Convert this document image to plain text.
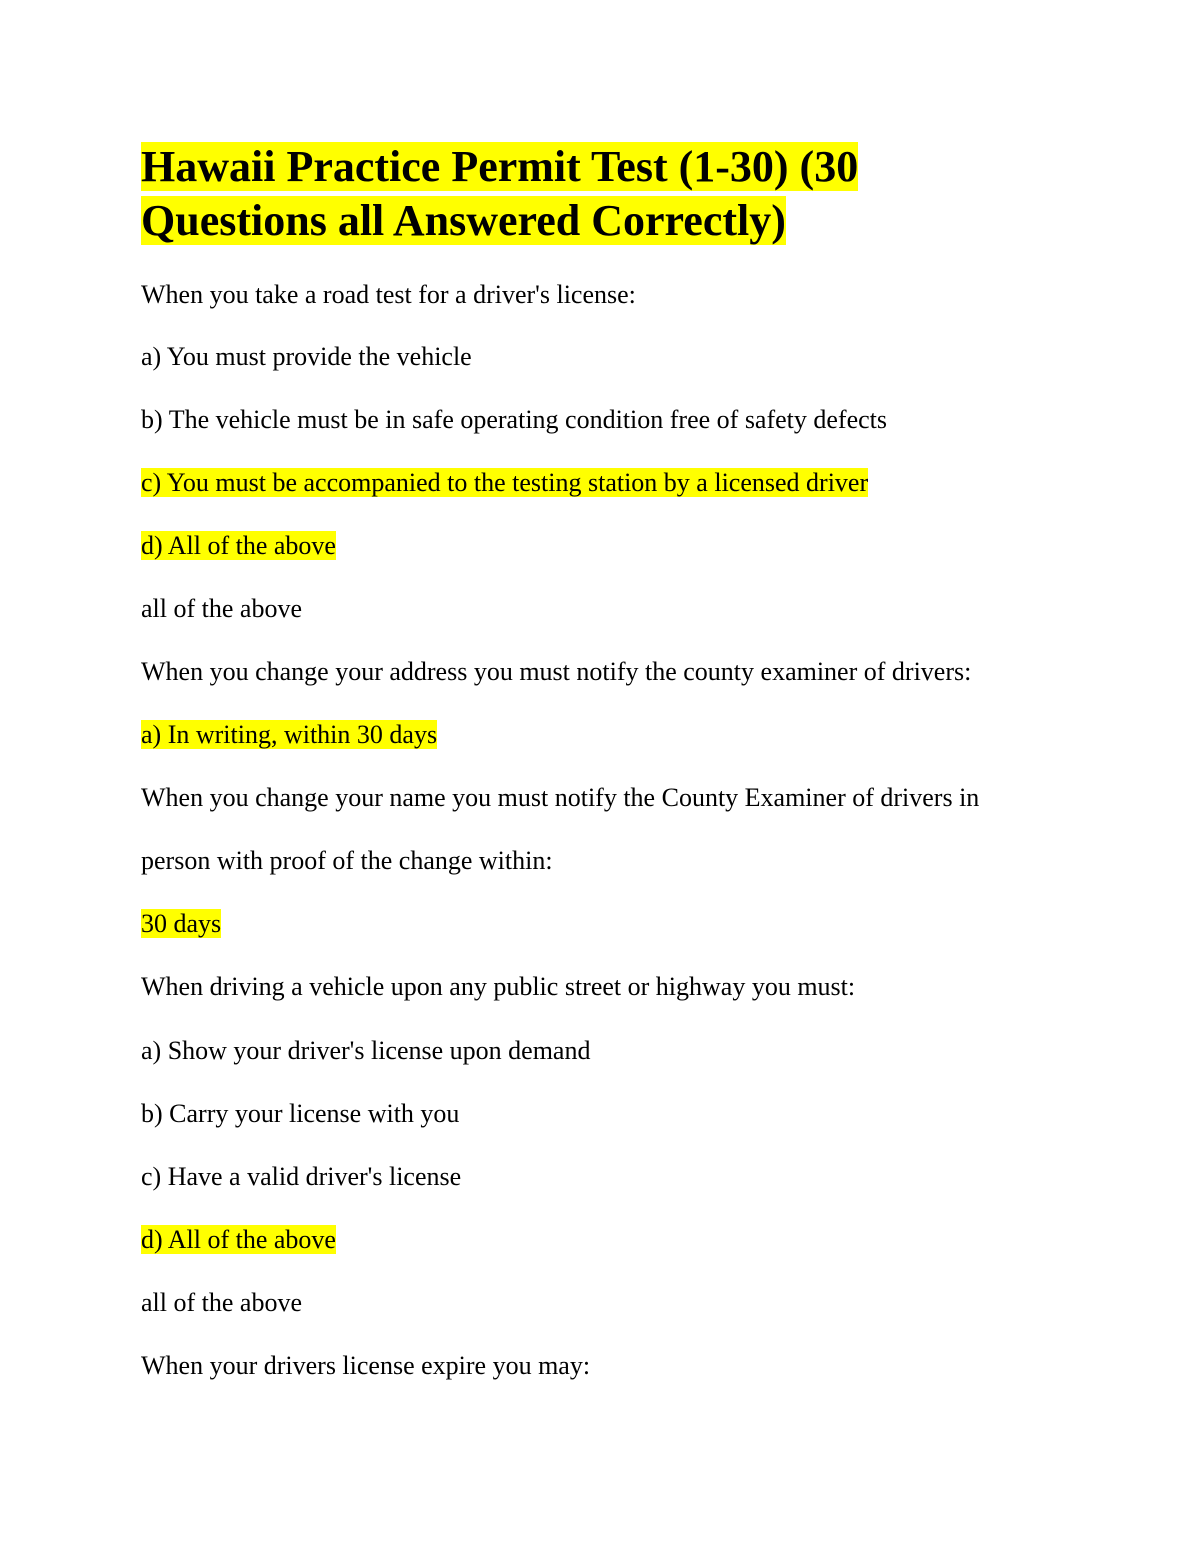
Hawaii Practice Permit Test (1-30) (30
Questions all Answered Correctly)

When you take a road test for a driver's license:

a) You must provide the vehicle

b) The vehicle must be in safe operating condition free of safety defects

c) You must be accompanied to the testing station by a licensed driver

d) All of the above

all of the above

When you change your address you must notify the county examiner of drivers:

a) In writing, within 30 days

When you change your name you must notify the County Examiner of drivers in

person with proof of the change within:

30 days

When driving a vehicle upon any public street or highway you must:

a) Show your driver's license upon demand

b) Carry your license with you

c) Have a valid driver's license

d) All of the above

all of the above

When your drivers license expire you may:
